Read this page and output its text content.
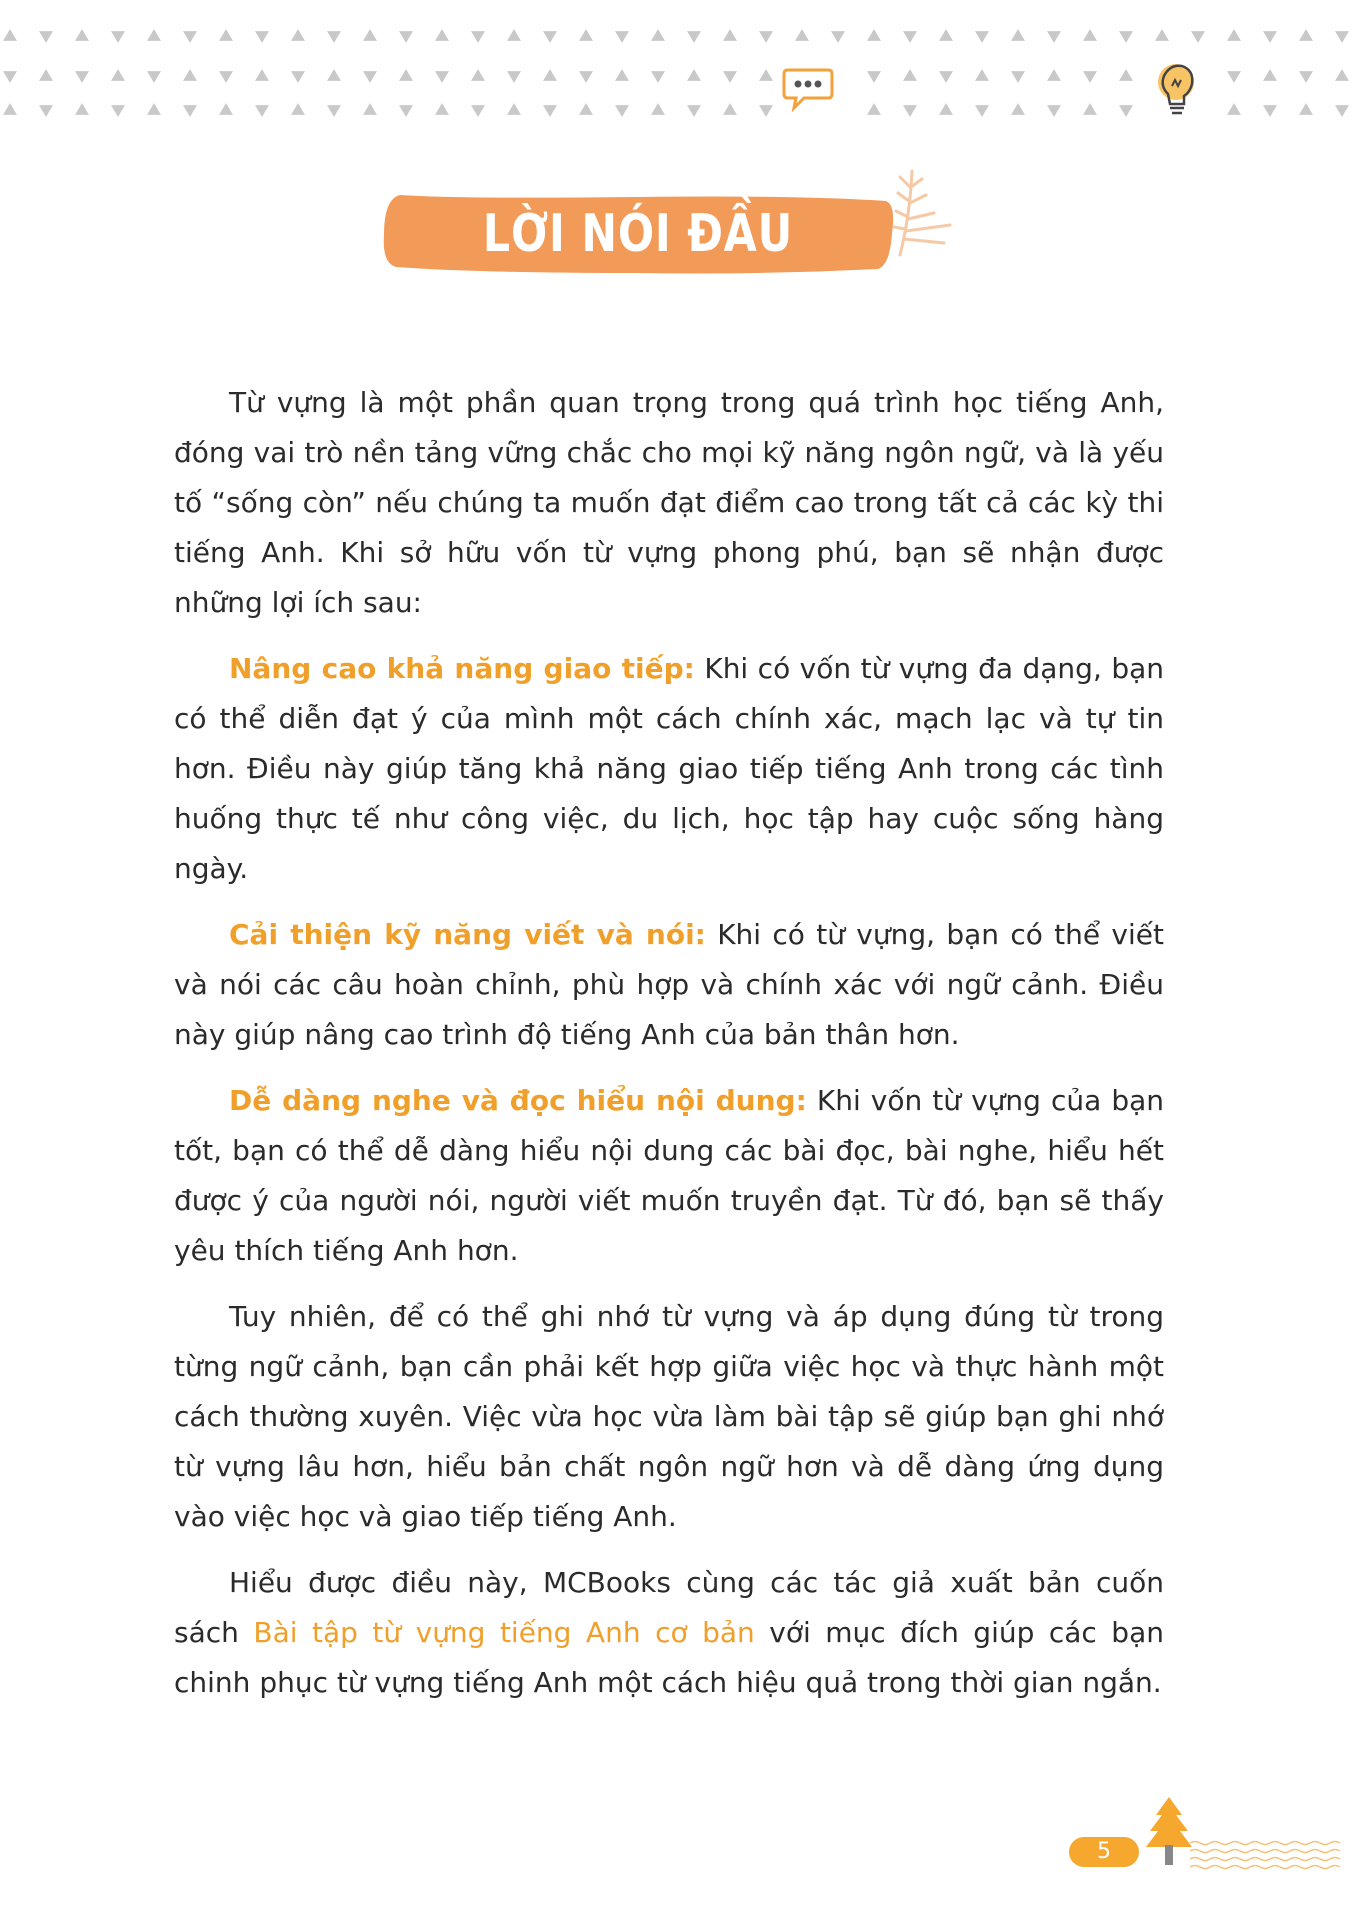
LỜI NÓI ĐẦU

Từ vựng là một phần quan trọng trong quá trình học tiếng Anh, đóng vai trò nền tảng vững chắc cho mọi kỹ năng ngôn ngữ, và là yếu tố “sống còn” nếu chúng ta muốn đạt điểm cao trong tất cả các kỳ thi tiếng Anh. Khi sở hữu vốn từ vựng phong phú, bạn sẽ nhận được những lợi ích sau:

Nâng cao khả năng giao tiếp: Khi có vốn từ vựng đa dạng, bạn có thể diễn đạt ý của mình một cách chính xác, mạch lạc và tự tin hơn. Điều này giúp tăng khả năng giao tiếp tiếng Anh trong các tình huống thực tế như công việc, du lịch, học tập hay cuộc sống hàng ngày.

Cải thiện kỹ năng viết và nói: Khi có từ vựng, bạn có thể viết và nói các câu hoàn chỉnh, phù hợp và chính xác với ngữ cảnh. Điều này giúp nâng cao trình độ tiếng Anh của bản thân hơn.

Dễ dàng nghe và đọc hiểu nội dung: Khi vốn từ vựng của bạn tốt, bạn có thể dễ dàng hiểu nội dung các bài đọc, bài nghe, hiểu hết được ý của người nói, người viết muốn truyền đạt. Từ đó, bạn sẽ thấy yêu thích tiếng Anh hơn.

Tuy nhiên, để có thể ghi nhớ từ vựng và áp dụng đúng từ trong từng ngữ cảnh, bạn cần phải kết hợp giữa việc học và thực hành một cách thường xuyên. Việc vừa học vừa làm bài tập sẽ giúp bạn ghi nhớ từ vựng lâu hơn, hiểu bản chất ngôn ngữ hơn và dễ dàng ứng dụng vào việc học và giao tiếp tiếng Anh.

Hiểu được điều này, MCBooks cùng các tác giả xuất bản cuốn sách Bài tập từ vựng tiếng Anh cơ bản với mục đích giúp các bạn chinh phục từ vựng tiếng Anh một cách hiệu quả trong thời gian ngắn.

5
